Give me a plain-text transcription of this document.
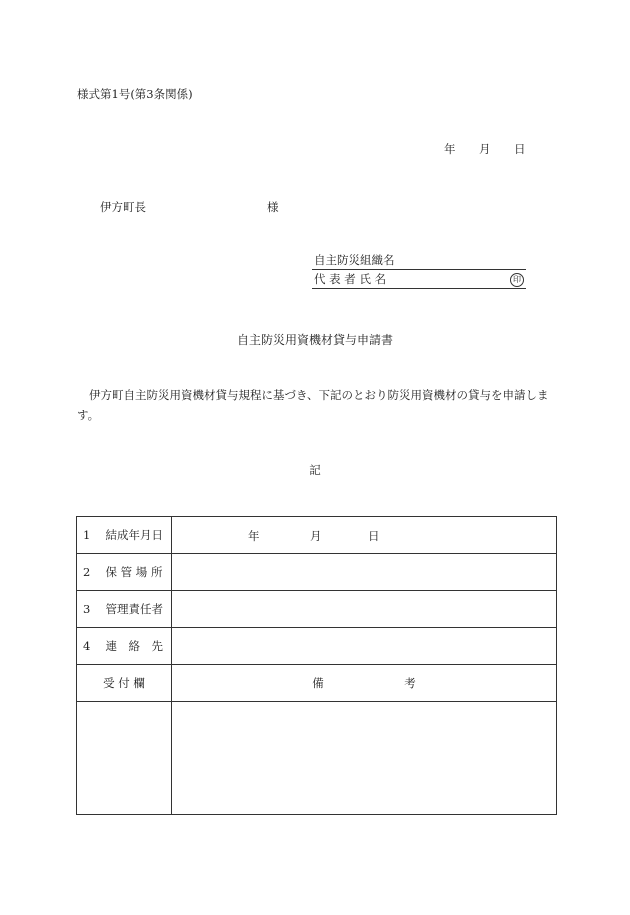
様式第1号(第3条関係)
年 月 日
伊方町長	様
自主防災組織名
代 表 者 氏 名	印
自主防災用資機材貸与申請書
伊方町自主防災用資機材貸与規程に基づき、下記のとおり防災用資機材の貸与を申請します。
記
1　 結成年月日	年 月 日

2　 保 管 場 所	

3　 管理責任者	

4　 連　絡　先	

受 付 欄	備　　　　　　　考
